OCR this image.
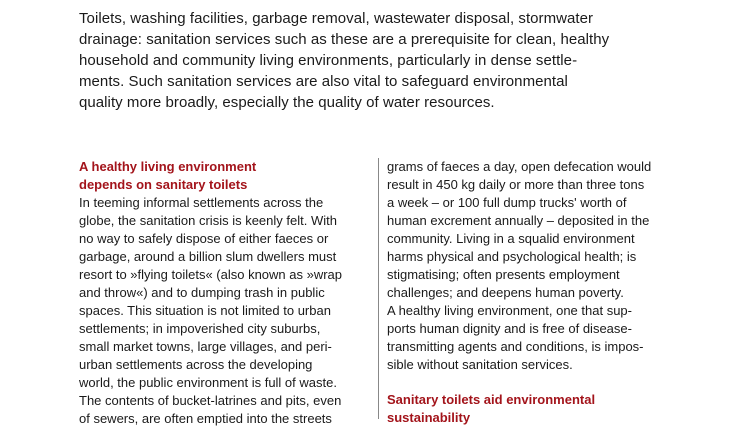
Toilets, washing facilities, garbage removal, wastewater disposal, stormwater
drainage: sanitation services such as these are a prerequisite for clean, healthy
household and community living environments, particularly in dense settle-
ments. Such sanitation services are also vital to safeguard environmental
quality more broadly, especially the quality of water resources.
A healthy living environment
depends on sanitary toilets
In teeming informal settlements across the
globe, the sanitation crisis is keenly felt. With
no way to safely dispose of either faeces or
garbage, around a billion slum dwellers must
resort to »flying toilets« (also known as »wrap
and throw«) and to dumping trash in public
spaces. This situation is not limited to urban
settlements; in impoverished city suburbs,
small market towns, large villages, and peri-
urban settlements across the developing
world, the public environment is full of waste.
The contents of bucket-latrines and pits, even
of sewers, are often emptied into the streets
grams of faeces a day, open defecation would
result in 450 kg daily or more than three tons
a week – or 100 full dump trucks' worth of
human excrement annually – deposited in the
community. Living in a squalid environment
harms physical and psychological health; is
stigmatising; often presents employment
challenges; and deepens human poverty.
A healthy living environment, one that sup-
ports human dignity and is free of disease-
transmitting agents and conditions, is impos-
sible without sanitation services.
Sanitary toilets aid environmental
sustainability
